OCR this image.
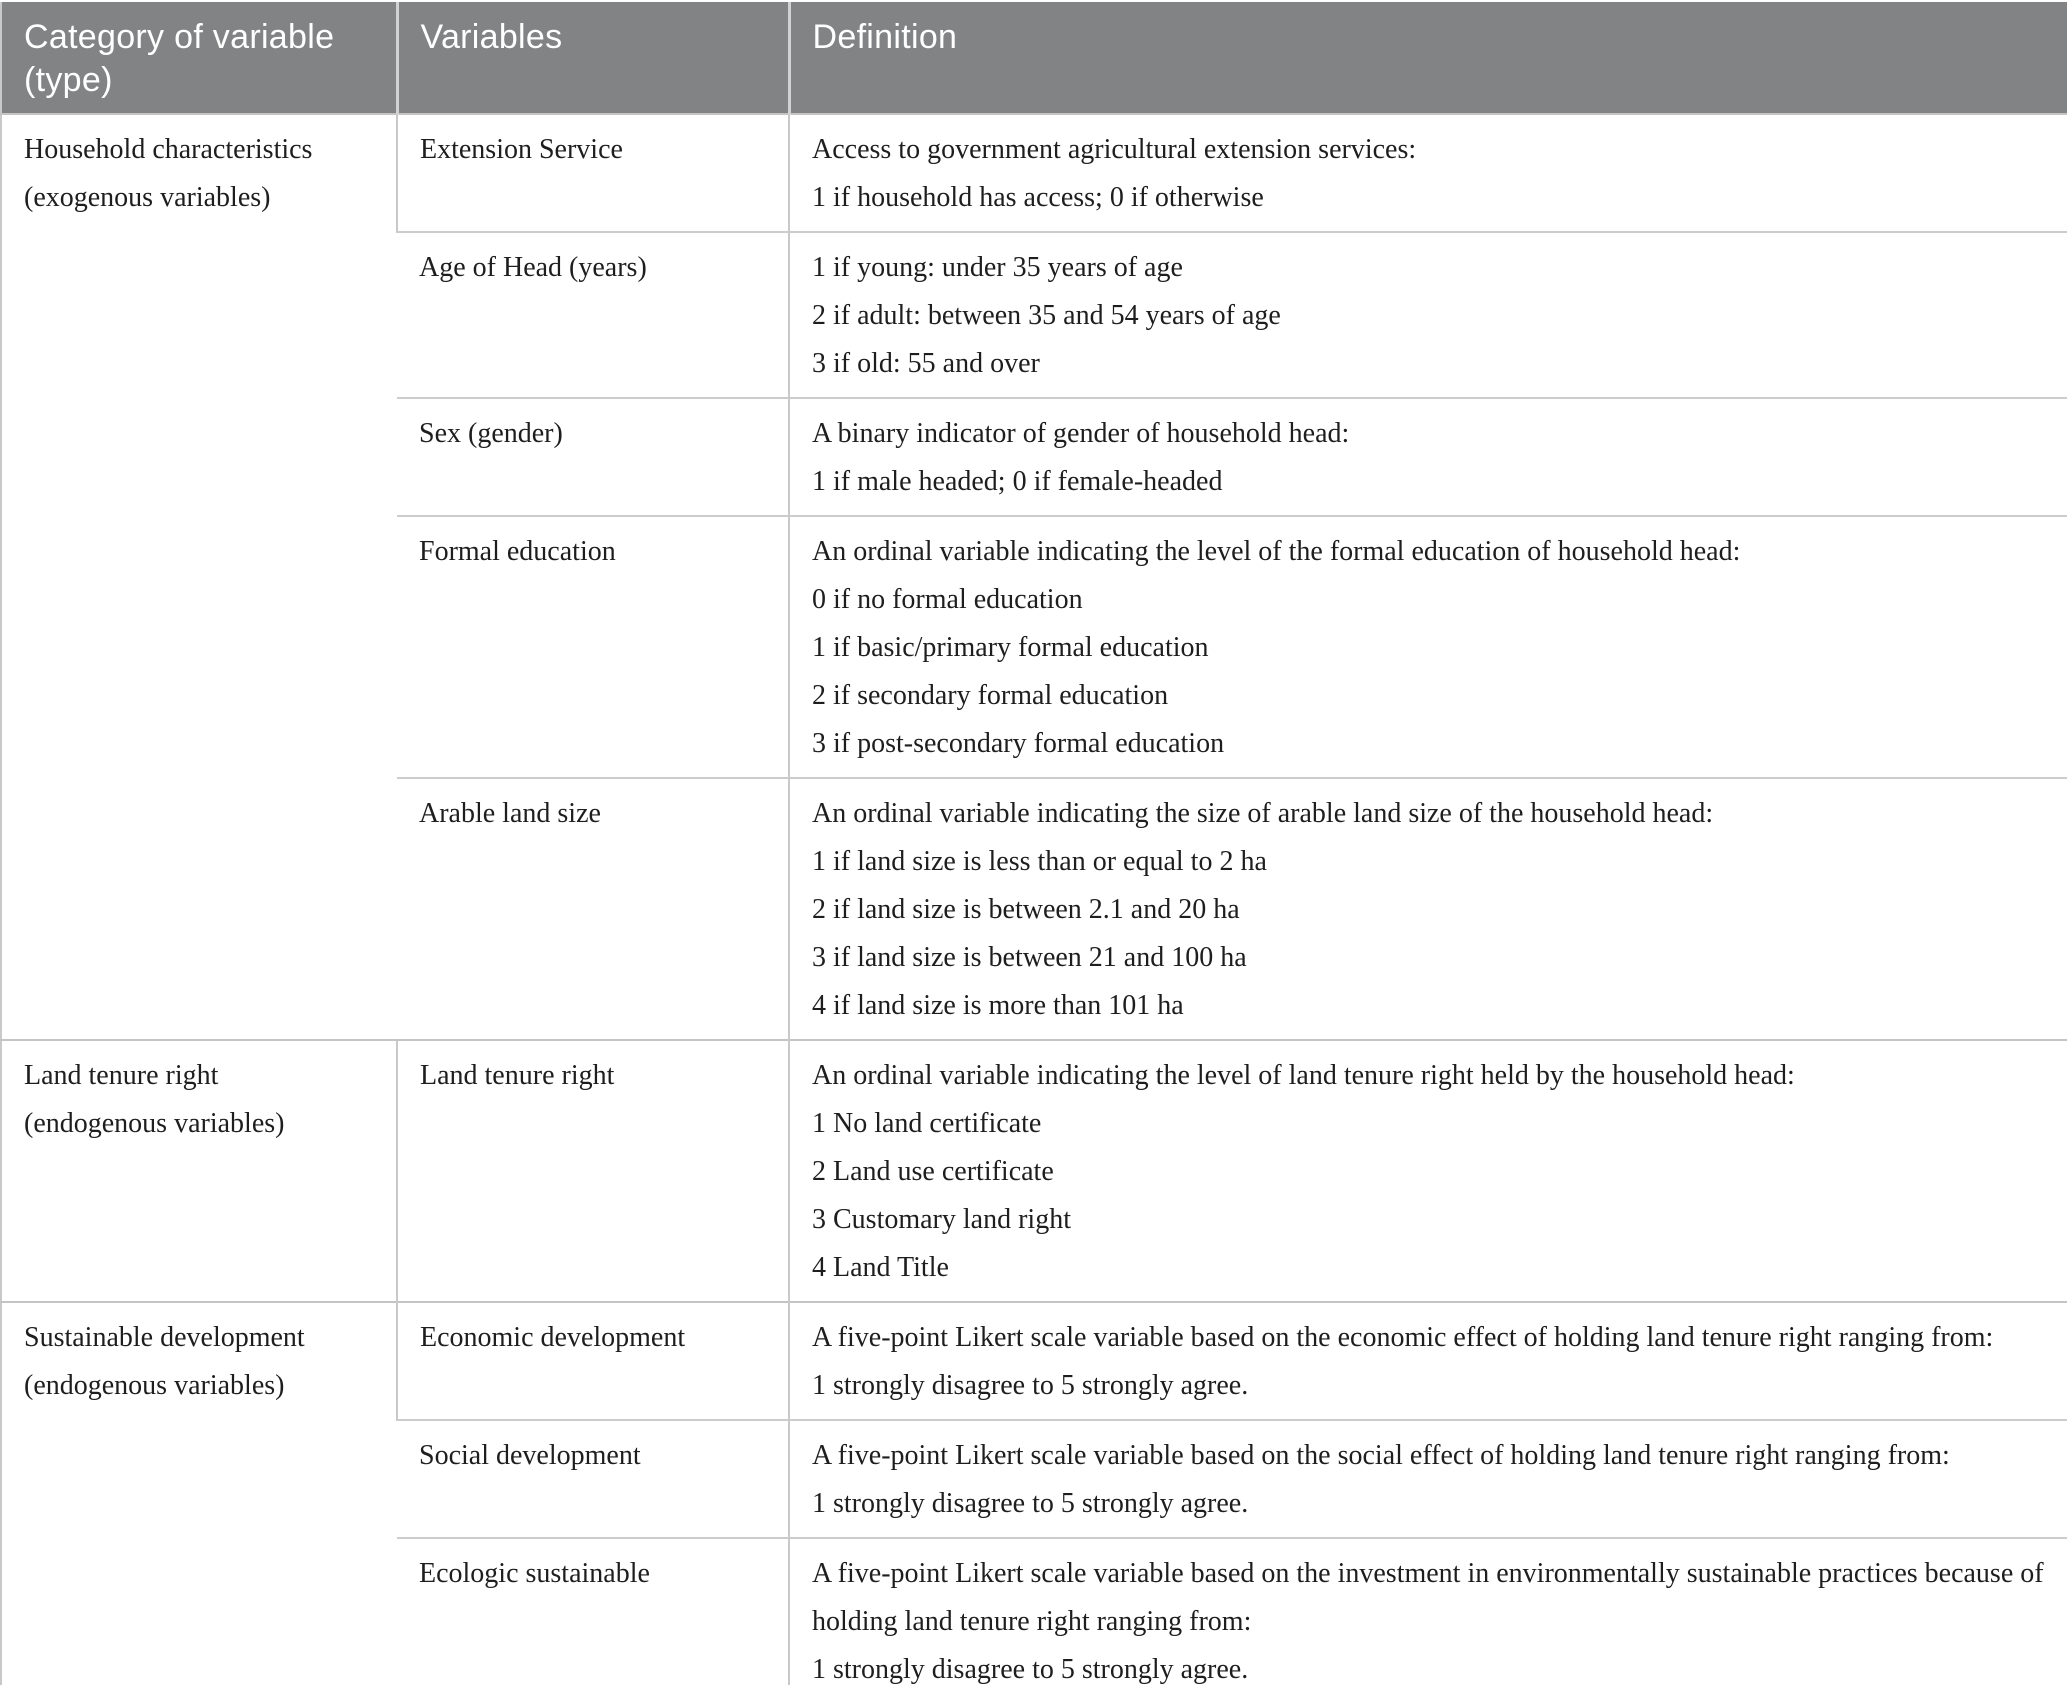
Category of variable (type)	Variables	Definition

Household characteristics
(exogenous variables)
	Extension Service	Access to government agricultural extension services:
1 if household has access; 0 if otherwise

	Age of Head (years)	1 if young: under 35 years of age
2 if adult: between 35 and 54 years of age
3 if old: 55 and over

	Sex (gender)	A binary indicator of gender of household head:
1 if male headed; 0 if female-headed

	Formal education	An ordinal variable indicating the level of the formal education of household head:
0 if no formal education
1 if basic/primary formal education
2 if secondary formal education
3 if post-secondary formal education

	Arable land size	An ordinal variable indicating the size of arable land size of the household head:
1 if land size is less than or equal to 2 ha
2 if land size is between 2.1 and 20 ha
3 if land size is between 21 and 100 ha
4 if land size is more than 101 ha

Land tenure right
(endogenous variables)
	Land tenure right	An ordinal variable indicating the level of land tenure right held by the household head:
1 No land certificate
2 Land use certificate
3 Customary land right
4 Land Title

Sustainable development
(endogenous variables)
	Economic development	A five-point Likert scale variable based on the economic effect of holding land tenure right ranging from:
1 strongly disagree to 5 strongly agree.

	Social development	A five-point Likert scale variable based on the social effect of holding land tenure right ranging from:
1 strongly disagree to 5 strongly agree.

	Ecologic sustainable	A five-point Likert scale variable based on the investment in environmentally sustainable practices because of holding land tenure right ranging from:
1 strongly disagree to 5 strongly agree.
